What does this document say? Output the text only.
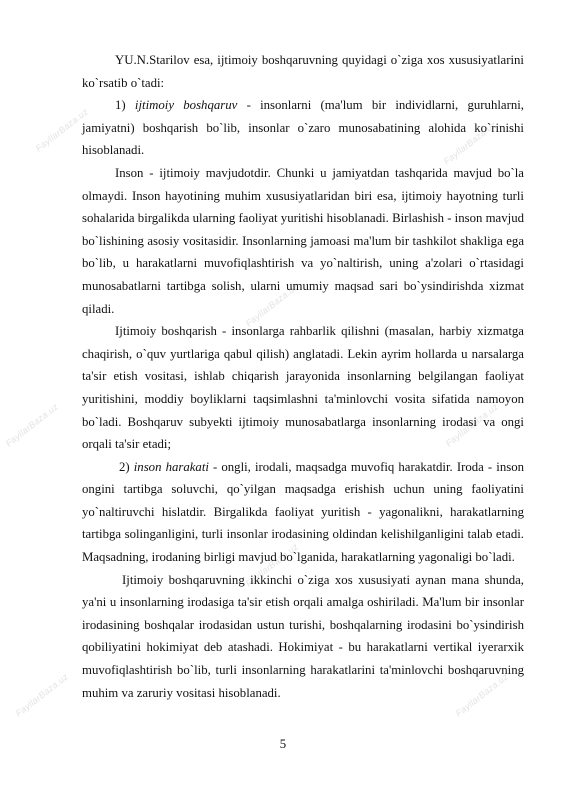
FayllarBaza.uz
FayllarBaza.uz
FayllarBaza.uz
FayllarBaza.uz	FayllarBaza.uz
FayllarBaza.uz
FayllarBaza.uz	FayllarBaza.uz

YU.N.Starilov esa, ijtimoiy boshqaruvning quyidagi o`ziga xos xususiyatlarini ko`rsatib o`tadi:

1) ijtimoiy boshqaruv - insonlarni (ma'lum bir individlarni, guruhlarni, jamiyatni) boshqarish bo`lib, insonlar o`zaro munosabatining alohida ko`rinishi hisoblanadi.

Inson - ijtimoiy mavjudotdir. Chunki u jamiyatdan tashqarida mavjud bo`la olmaydi. Inson hayotining muhim xususiyatlaridan biri esa, ijtimoiy hayotning turli sohalarida birgalikda ularning faoliyat yuritishi hisoblanadi. Birlashish - inson mavjud bo`lishining asosiy vositasidir. Insonlarning jamoasi ma'lum bir tashkilot shakliga ega bo`lib, u harakatlarni muvofiqlashtirish va yo`naltirish, uning a'zolari o`rtasidagi munosabatlarni tartibga solish, ularni umumiy maqsad sari bo`ysindirishda xizmat qiladi.

Ijtimoiy boshqarish - insonlarga rahbarlik qilishni (masalan, harbiy xizmatga chaqirish, o`quv yurtlariga qabul qilish) anglatadi. Lekin ayrim hollarda u narsalarga ta'sir etish vositasi, ishlab chiqarish jarayonida insonlarning belgilangan faoliyat yuritishini, moddiy boyliklarni taqsimlashni ta'minlovchi vosita sifatida namoyon bo`ladi. Boshqaruv subyekti ijtimoiy munosabatlarga insonlarning irodasi va ongi orqali ta'sir etadi;

2) inson harakati - ongli, irodali, maqsadga muvofiq harakatdir. Iroda - inson ongini tartibga soluvchi, qo`yilgan maqsadga erishish uchun uning faoliyatini yo`naltiruvchi hislatdir. Birgalikda faoliyat yuritish - yagonalikni, harakatlarning tartibga solinganligini, turli insonlar irodasining oldindan kelishilganligini talab etadi. Maqsadning, irodaning birligi mavjud bo`lganida, harakatlarning yagonaligi bo`ladi.

Ijtimoiy boshqaruvning ikkinchi o`ziga xos xususiyati aynan mana shunda, ya'ni u insonlarning irodasiga ta'sir etish orqali amalga oshiriladi. Ma'lum bir insonlar irodasining boshqalar irodasidan ustun turishi, boshqalarning irodasini bo`ysindirish qobiliyatini hokimiyat deb atashadi. Hokimiyat - bu harakatlarni vertikal iyerarxik muvofiqlashtirish bo`lib, turli insonlarning harakatlarini ta'minlovchi boshqaruvning muhim va zaruriy vositasi hisoblanadi.

5
